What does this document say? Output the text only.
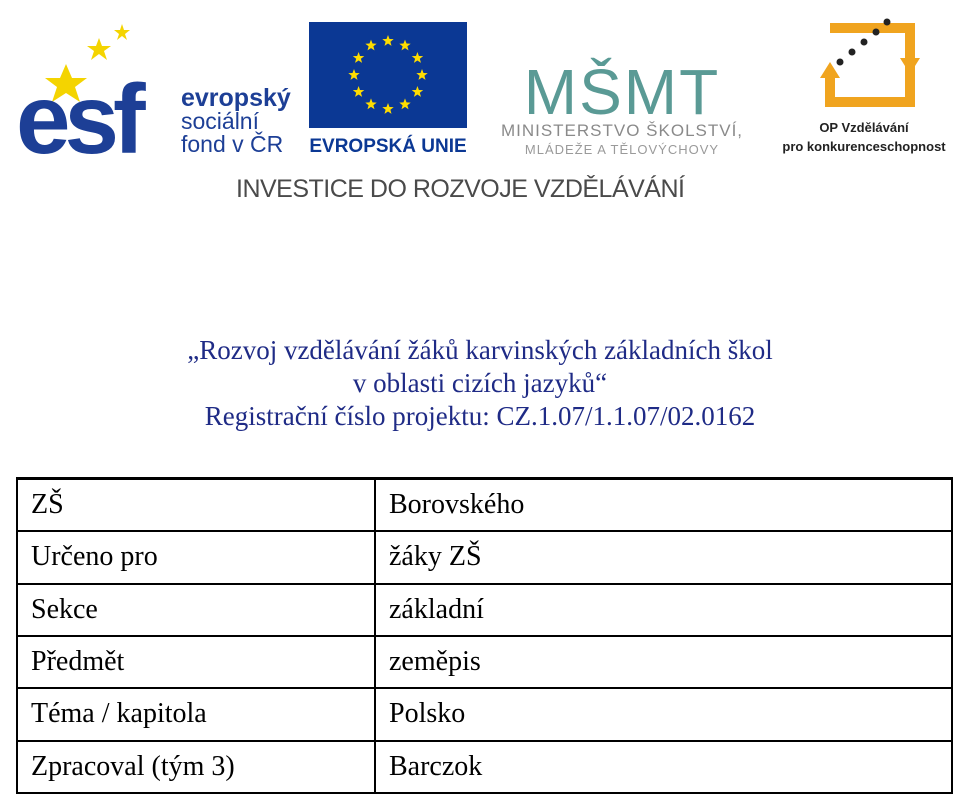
esf evropský
sociální
fond v ČR EVROPSKÁ UNIE
MŠMT
MINISTERSTVO ŠKOLSTVÍ,
MLÁDEŽE A TĚLOVÝCHOVY
OP Vzdělávání
pro konkurenceschopnost
INVESTICE DO ROZVOJE VZDĚLÁVÁNÍ
„Rozvoj vzdělávání žáků karvinských základních škol
v oblasti cizích jazyků“
Registrační číslo projektu: CZ.1.07/1.1.07/02.0162
ZŠ	Borovského
Určeno pro	žáky ZŠ
Sekce	základní
Předmět	zeměpis
Téma / kapitola	Polsko
Zpracoval (tým 3)	Barczok
